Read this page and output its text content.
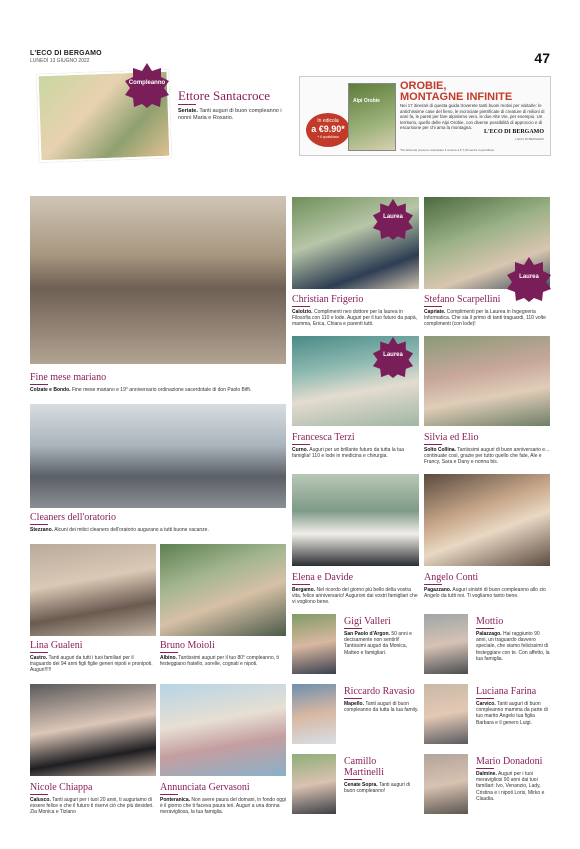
L'ECO DI BERGAMO
LUNEDÌ 13 GIUGNO 2022	47
Compleanno
Ettore Santacroce
Seriate. Tanti auguri di buon compleanno i nonni Maria e Rosario.	In edicola
a €9.90*
+ il quotidiano
Alpi Orobie
OROBIE,
MONTAGNE INFINITE
Nei 17 itinerari di questa guida troverete tanti buoni motivi per visitarle: le antichissime case del fieno, le incrociate pietrificate di creature di milioni di anni fa, le pareti per fare alpinismo vero, le due Alte Vie, per esempio. Un territorio, quello delle Alpi Orobie, con diverse possibilità di approccio e di escursione per chi ama la montagna.
L'ECO DI BERGAMO
L'ECO DI BERGAMO
*Gli abbonati possono acquistare il volume a € 7,90 senza il quotidiano
Fine mese mariano
Colzate e Bondo. Fine mese mariano e 19° anniversario ordinazione sacerdotale di don Paolo Biffi.
Cleaners dell'oratorio
Stezzano. Alcuni dei mitici cleaners dell'oratorio augurano a tutti buone vacanze.
Laurea
Christian Frigerio
Calolzio. Complimenti neo dottore per la laurea in Filosofia con 110 e lode. Auguri per il tuo futuro da papà, mamma, Erica, Chiara e parenti tutti.
Laurea
Stefano Scarpellini
Capriate. Complimenti per la Laurea in Ingegneria Informatica. Che sia il primo di tanti traguardi, 110 volte complimenti (con lode)!
Laurea
Francesca Terzi
Curno. Auguri per un brillante futuro da tutta la tua famiglia! 110 e lode in medicina e chirurgia.
Silvia ed Elio
Solto Collina. Tantissimi auguri di buon anniversario e... continuate così, grazie per tutto quello che fate, Ale e Francy, Sara e Dany e nonna bis.
Elena e Davide
Bergamo. Nel ricordo del giorno più bello della vostra vita, felice anniversario! Auguroni dai vostri famigliari che vi vogliono bene.
Angelo Conti
Pagazzano. Auguri sinistri di buon compleanno allo zio Angelo da tutti noi. Ti vogliamo tanto bene.
Lina Gualeni
Castro. Tanti auguri da tutti i tuoi familiari per il traguardo dei 94 anni figli figlie generi nipoti e pronipoti. Auguri!!!!!
Bruno Moioli
Albino. Tantissimi auguri per il tuo 80° compleanno, ti festeggiano fratello, sorelle, cognati e nipoti.
Gigi Valleri
San Paolo d'Argon. 50 anni e decisamente non sentirli! Tantissimi auguri da Monica, Matteo e famigliari.
Mottio
Palazzago. Hai raggiunto 90 anni, un traguardo davvero speciale, che siamo felicissimi di festeggiare con te. Con affetto, la tua famiglia.
Riccardo Ravasio
Mapello. Tanti auguri di buon compleanno da tutta la tua family.
Luciana Farina
Carvico. Tanti auguri di buon compleanno mamma da parte di tuo marito Angelo tua figlia Barbara e il genero Luigi.
Nicole Chiappa
Calusco. Tanti auguri per i tuoi 20 anni, ti auguriamo di essere felice e che il futuro ti riservi ciò che più desideri. Zia Monica e Tiziano
Annunciata Gervasoni
Ponteranica. Non avere paura del domani, in fondo oggi è il giorno che ti faceva paura ieri. Auguri a una donna meravigliosa, la tua famiglia.
Camillo
Martinelli
Cenate Sopra. Tanti auguri di buon compleanno!
Mario Donadoni
Dalmine. Auguri per i tuoi meravigliosi 90 anni dai tuoi familiari: Ivo, Venanzio, Lady, Cristina e i nipoti Loris, Mirko e Claudia.
